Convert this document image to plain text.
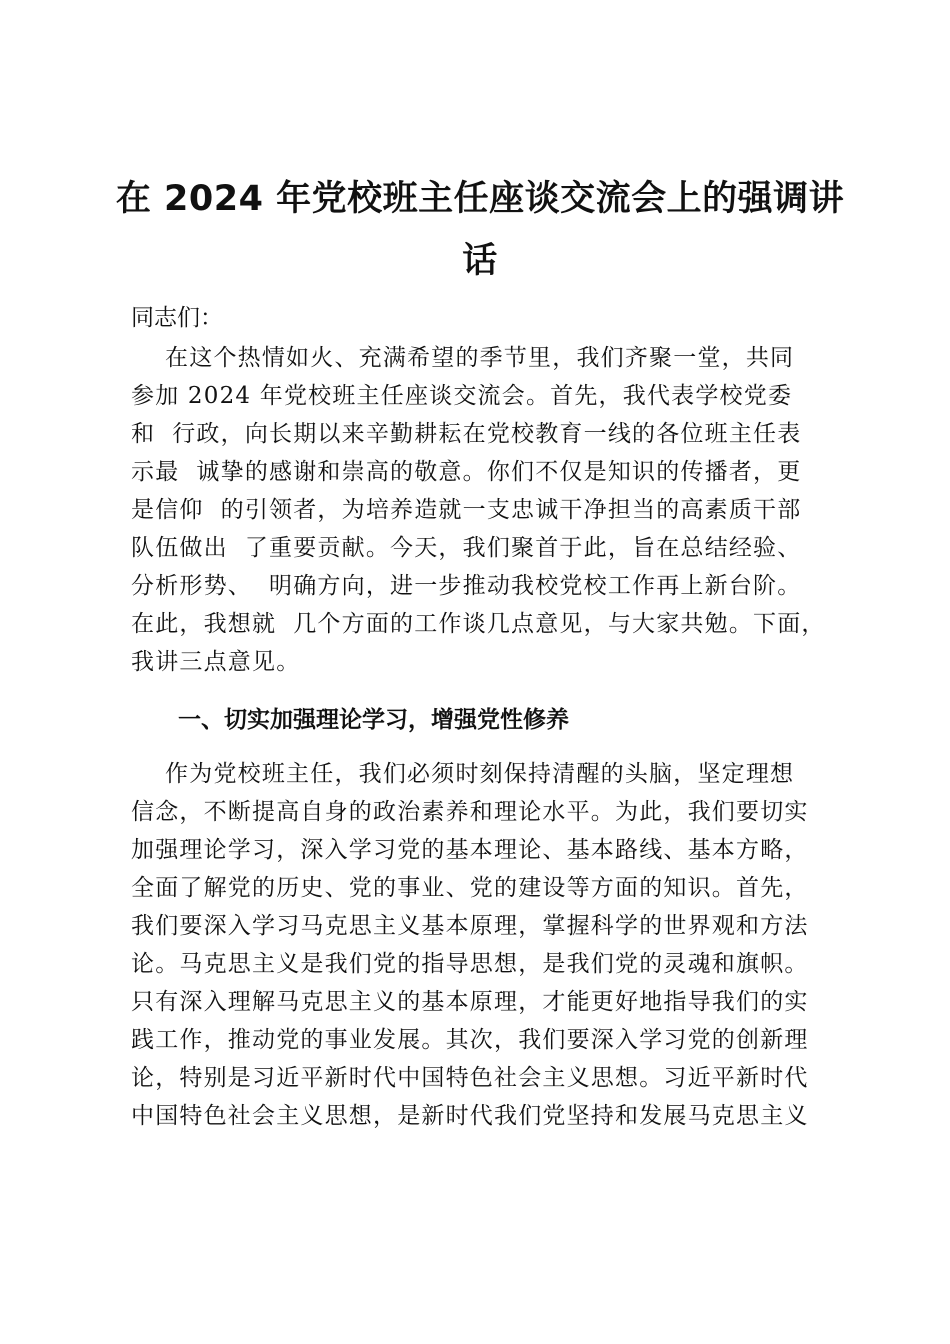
在 2024 年党校班主任座谈交流会上的强调讲
话

同志们：

在这个热情如火、充满希望的季节里，我们齐聚一堂，共同
参加 2024 年党校班主任座谈交流会。首先，我代表学校党委
和  行政，向长期以来辛勤耕耘在党校教育一线的各位班主任表
示最  诚挚的感谢和崇高的敬意。你们不仅是知识的传播者，更
是信仰  的引领者，为培养造就一支忠诚干净担当的高素质干部
队伍做出  了重要贡献。今天，我们聚首于此，旨在总结经验、
分析形势、  明确方向，进一步推动我校党校工作再上新台阶。
在此，我想就  几个方面的工作谈几点意见，与大家共勉。下面，
我讲三点意见。
一、切实加强理论学习，增强党性修养
作为党校班主任，我们必须时刻保持清醒的头脑，坚定理想
信念，不断提高自身的政治素养和理论水平。为此，我们要切实
加强理论学习，深入学习党的基本理论、基本路线、基本方略，
全面了解党的历史、党的事业、党的建设等方面的知识。首先，
我们要深入学习马克思主义基本原理，掌握科学的世界观和方法
论。马克思主义是我们党的指导思想，是我们党的灵魂和旗帜。
只有深入理解马克思主义的基本原理，才能更好地指导我们的实
践工作，推动党的事业发展。其次，我们要深入学习党的创新理
论，特别是习近平新时代中国特色社会主义思想。习近平新时代
中国特色社会主义思想，是新时代我们党坚持和发展马克思主义
